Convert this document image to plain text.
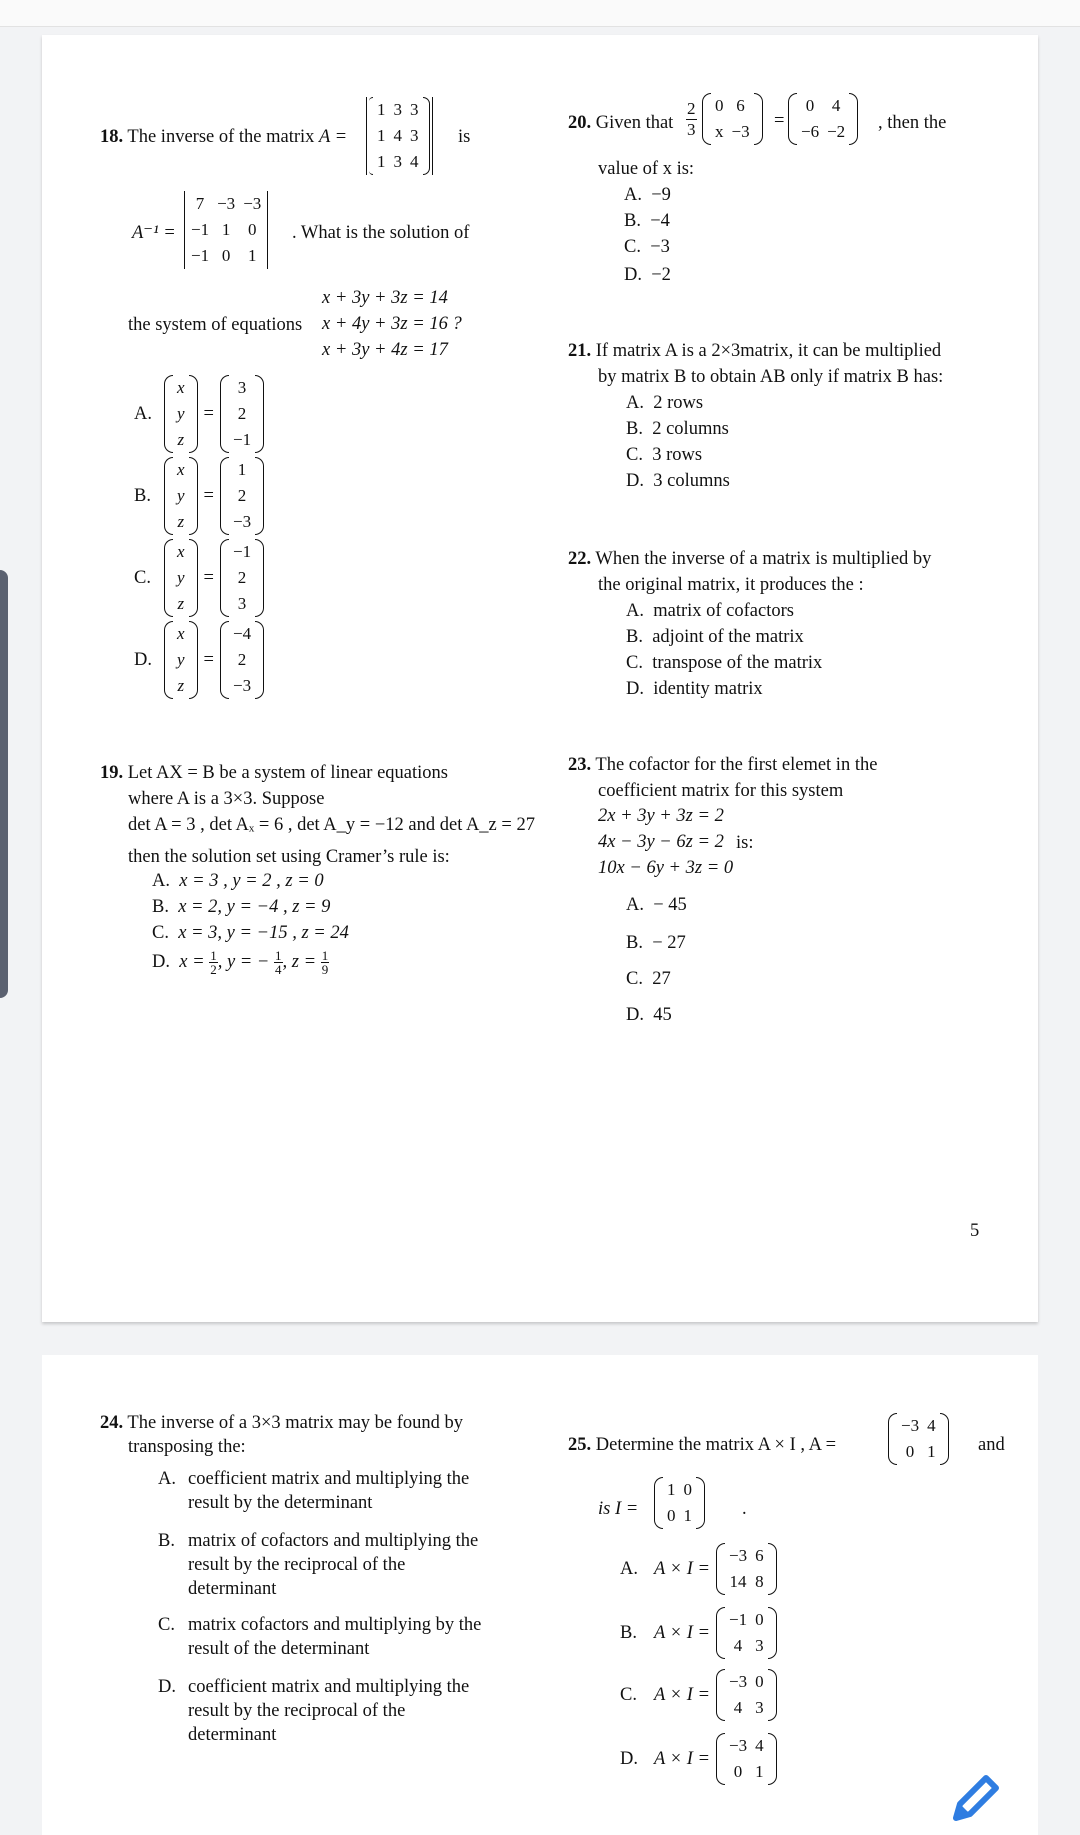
18. The inverse of the matrix A =
1 3 3
1 4 3
1 3 4
is
A⁻¹ =
7 −3 −3
−1 1	0
−1 0	1
. What is the solution of
the system of equations
x + 3y + 3z = 14
x + 4y + 3z = 16 ?
x + 3y + 4z = 17
A.
x
y
z
=
3
2
−1
B.
x
y
z
=
1
2
−3
C.
x
y
z
=
−1
2
3
D.
x
y
z
=
−4
2
−3
19. Let AX = B be a system of linear equations
where A is a 3×3. Suppose
det A = 3 , det Aₓ = 6 , det A_y = −12 and det A_z = 27
then the solution set using Cramer’s rule is:
A. x = 3 , y = 2 , z = 0
B. x = 2, y = −4 , z = 9
C. x = 3, y = −15 , z = 24
D. $x = \frac{1}{2}$, y = − $\frac{1}{4}$, $z = \frac{1}{9}$
20. Given that $\frac{2}{3} 0$ 6
x −3
=
0	4
−6 −2 , then the
value of x is:
A.  −9
B.  −4
C.  −3
D.  −2
21. If matrix A is a 2×3matrix, it can be multiplied
by matrix B to obtain AB only if matrix B has:
A.  2 rows
B.  2 columns
C.  3 rows
D.  3 columns
22. When the inverse of a matrix is multiplied by
the original matrix, it produces the :
A.  matrix of cofactors
B.  adjoint of the matrix
C.  transpose of the matrix
D.  identity matrix
23. The cofactor for the first elemet in the
coefficient matrix for this system
2x + 3y + 3z = 2
4x − 3y − 6z = 2
10x − 6y + 3z = 0
is:
A.  − 45
B.  − 27
C.  27
D.  45
5
24. The inverse of a 3×3 matrix may be found by
transposing the:
A. coefficient matrix and multiplying the
result by the determinant
B. matrix of cofactors and multiplying the
result by the reciprocal of the
determinant
C. matrix cofactors and multiplying by the
result of the determinant
D. coefficient matrix and multiplying the
result by the reciprocal of the
determinant
25. Determine the matrix A × I , A =
−3 4
0 1 and
is I =
1 0
0 1	.
A. A × I =
−3 6
14 8
B. A × I =
−1 0
4 3
C. A × I =
−3 0
4 3
D. A × I =
−3 4
0 1
